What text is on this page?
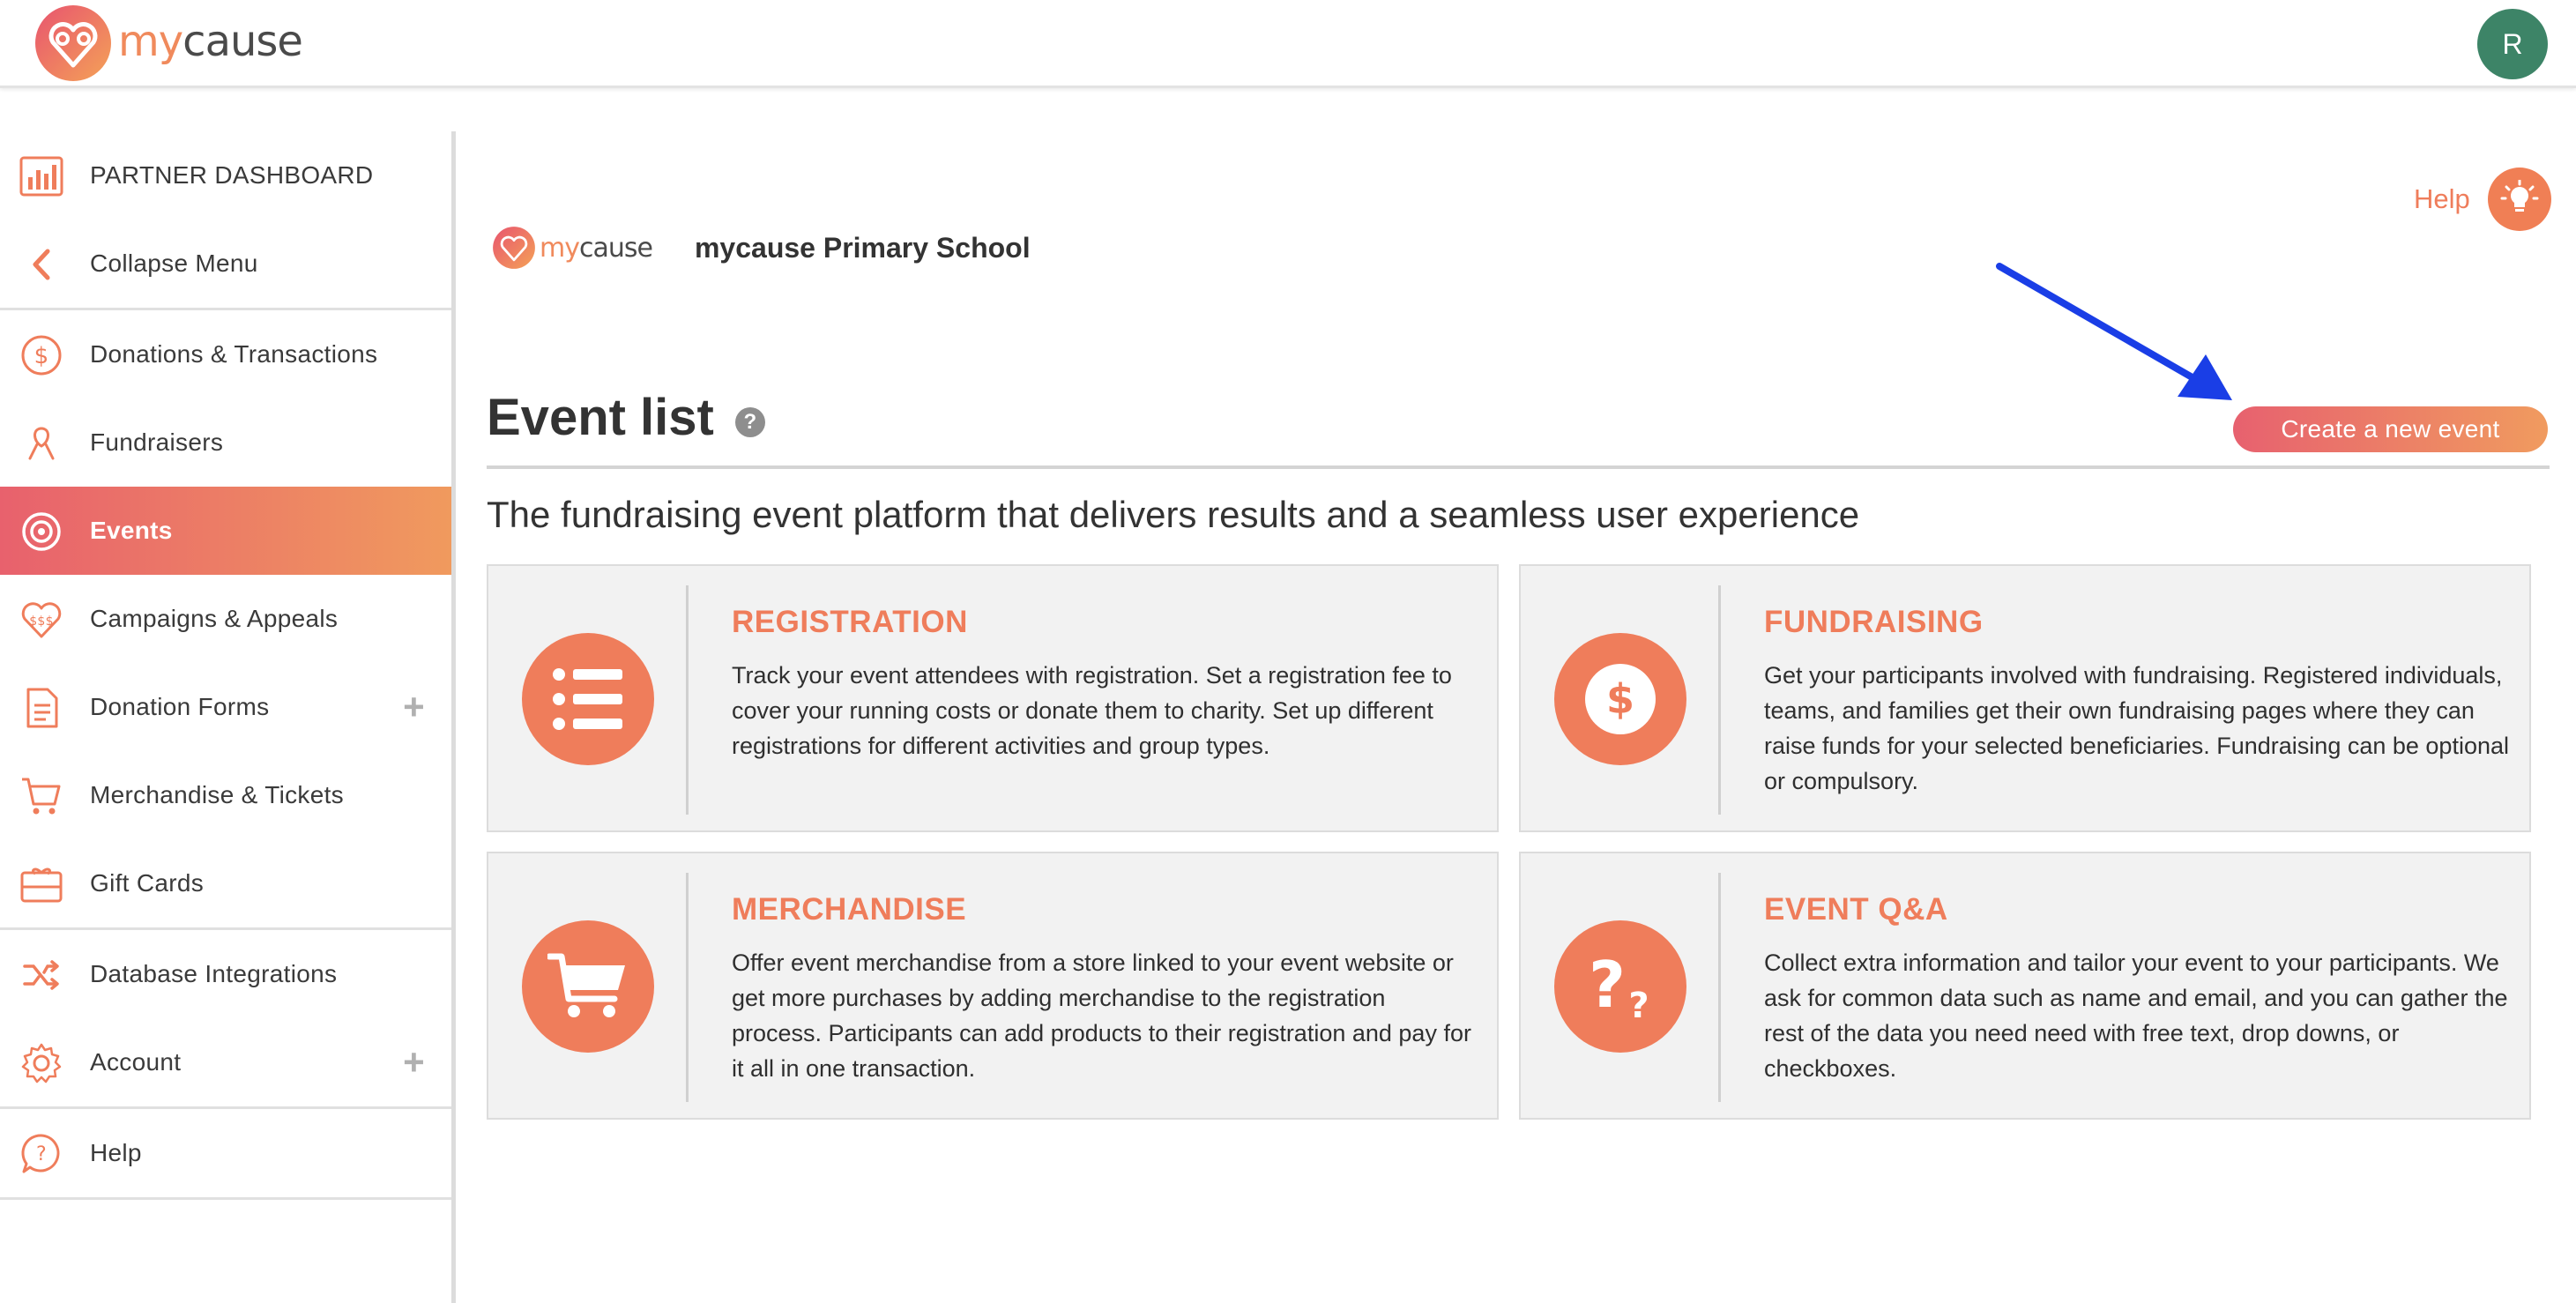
mycause	R
PARTNER DASHBOARD
Collapse Menu
$ Donations & Transactions
Fundraisers
Events
$$$ Campaigns & Appeals
Donation Forms	+
Merchandise & Tickets
Gift Cards
Database Integrations
Account	+
? Help
Help
mycause mycause Primary School
Event list	?	Create a new event
The fundraising event platform that delivers results and a seamless user experience
REGISTRATION
Track your event attendees with registration. Set a registration fee to cover your running costs or donate them to charity. Set up different registrations for different activities and group types.
$
FUNDRAISING
Get your participants involved with fundraising. Registered individuals, teams, and families get their own fundraising pages where they can raise funds for your selected beneficiaries. Fundraising can be optional or compulsory.
MERCHANDISE
Offer event merchandise from a store linked to your event website or get more purchases by adding merchandise to the registration process. Participants can add products to their registration and pay for it all in one transaction.
? ?
EVENT Q&A
Collect extra information and tailor your event to your participants. We ask for common data such as name and email, and you can gather the rest of the data you need need with free text, drop downs, or checkboxes.
